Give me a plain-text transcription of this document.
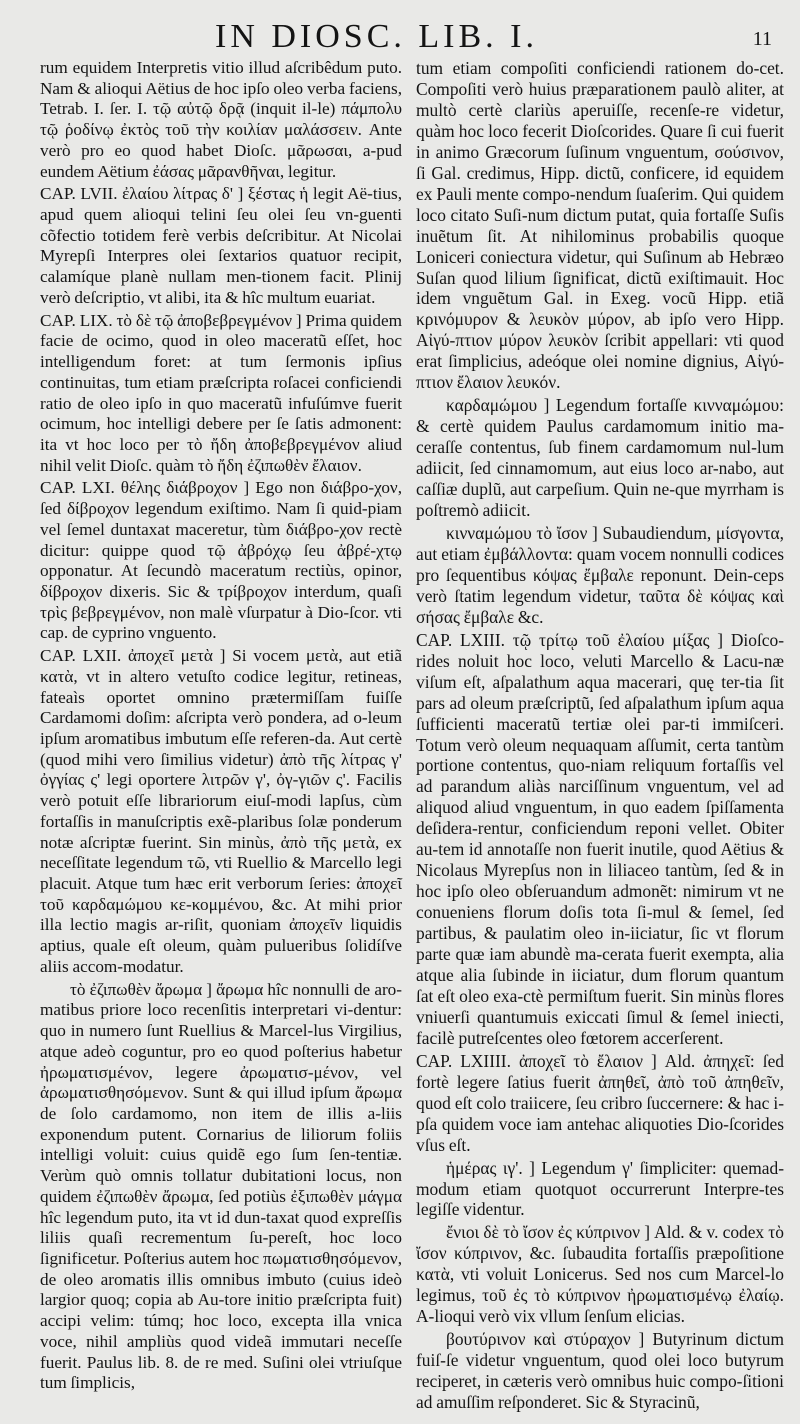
IN DIOSC. LIB. I.	11

rum equidem Interpretis vitio illud aſcribêdum puto. Nam & alioqui Aëtius de hoc ipſo oleo verba faciens, Tetrab. I. ſer. I. τῷ αὐτῷ δρᾷ (inquit il-le) πάμπολυ τῷ ῥοδίνῳ ἐκτὸς τοῦ τὴν κοιλίαν μαλάσσειν. Ante verò pro eo quod habet Dioſc. μᾶρωσαι, a-pud eundem Aëtium ἐάσας μᾶρανθῆναι, legitur.

CAP. LVII. ἐλαίου λίτρας δ' ] ξέστας ἡ legit Aë-tius, apud quem alioqui telini ſeu olei ſeu vn-guenti cõfectio totidem ferè verbis deſcribitur. At Nicolai Myrepſi Interpres olei ſextarios quatuor recipit, calamíque planè nullam men-tionem facit. Plinij verò deſcriptio, vt alibi, ita & hîc multum euariat.

CAP. LIX. τὸ δὲ τῷ ἀποβεβρεγμένον ] Prima quidem facie de ocimo, quod in oleo maceratũ eſſet, hoc intelligendum foret: at tum ſermonis ipſius continuitas, tum etiam præſcripta roſacei conficiendi ratio de oleo ipſo in quo maceratũ infuſúmve fuerit ocimum, hoc intelligi debere per ſe ſatis admonent: ita vt hoc loco per τὸ ἤδη ἀποβεβρεγμένον aliud nihil velit Dioſc. quàm τὸ ἤδη ἐζιπωθὲν ἔλαιον.

CAP. LXI. θέλης διάβροχον ] Ego non διάβρο-χον, ſed δίβροχον legendum exiſtimo. Nam ſi quid-piam vel ſemel duntaxat maceretur, tùm διάβρο-χον rectè dicitur: quippe quod τῷ ἀβρόχῳ ſeu ἀβρέ-χτῳ opponatur. At ſecundò maceratum rectiùs, opinor, δίβροχον dixeris. Sic & τρίβροχον interdum, quaſi τρὶς βεβρεγμένον, non malè vſurpatur à Dio-ſcor. vti cap. de cyprino vnguento.

CAP. LXII. ἀποχεῖ μετὰ ] Si vocem μετὰ, aut etiã κατὰ, vt in altero vetuſto codice legitur, retineas, fateaìs oportet omnino prætermiſſam fuiſſe Cardamomi doſim: aſcripta verò pondera, ad o-leum ipſum aromatibus imbutum eſſe referen-da. Aut certè (quod mihi vero ſimilius videtur) ἀπὸ τῆς λίτρας γ' ὀγγίας ς' legi oportere λιτρῶν γ', ὀγ-γιῶν ς'. Facilis verò potuit eſſe librariorum eiuſ-modi lapſus, cùm fortaſſis in manuſcriptis exẽ-plaribus ſolæ ponderum notæ aſcriptæ fuerint. Sin minùs, ἀπὸ τῆς μετὰ, ex neceſſitate legendum τῶ, vti Ruellio & Marcello legi placuit. Atque tum hæc erit verborum ſeries: ἀποχεῖ τοῦ καρδαμώμου κε-κομμένου, &c. At mihi prior illa lectio magis ar-riſit, quoniam ἀποχεῖν liquidis aptius, quale eſt oleum, quàm pulueribus ſolidíſve aliis accom-modatur.

τὸ ἐζιπωθὲν ἄρωμα ] ἄρωμα hîc nonnulli de aro-matibus priore loco recenſitis interpretari vi-dentur: quo in numero ſunt Ruellius & Marcel-lus Virgilius, atque adeò coguntur, pro eo quod poſterius habetur ἠρωματισμένον, legere ἀρωματισ-μένον, vel ἀρωματισθησόμενον. Sunt & qui illud ipſum ἄρωμα de ſolo cardamomo, non item de illis a-liis exponendum putent. Cornarius de liliorum foliis intelligi voluit: cuius quidẽ ego ſum ſen-tentiæ. Verùm quò omnis tollatur dubitationi locus, non quidem ἐζιπωθὲν ἄρωμα, ſed potiùs ἐξιπωθὲν μάγμα hîc legendum puto, ita vt id dun-taxat quod expreſſis liliis quaſi recrementum ſu-pereſt, hoc loco ſignificetur. Poſterius autem hoc πωματισθησόμενον, de oleo aromatis illis omnibus imbuto (cuius ideò largior quoq; copia ab Au-tore initio præſcripta fuit) accipi velim: túmq; hoc loco, excepta illa vnica voce, nihil ampliùs quod videã immutari neceſſe fuerit. Paulus lib. 8. de re med. Suſini olei vtriuſque tum ſimplicis,

tum etiam compoſiti conficiendi rationem do-cet. Compoſiti verò huius præparationem paulò aliter, at multò certè clariùs aperuiſſe, recenſe-re videtur, quàm hoc loco fecerit Dioſcorides. Quare ſi cui fuerit in animo Græcorum ſuſinum vnguentum, σούσινον, ſi Gal. credimus, Hipp. dictũ, conficere, id equidem ex Pauli mente compo-nendum ſuaſerim. Qui quidem loco citato Suſi-num dictum putat, quia fortaſſe Suſis inuẽtum ſit. At nihilominus probabilis quoque Loniceri coniectura videtur, qui Suſinum ab Hebræo Suſan quod lilium ſignificat, dictũ exiſtimauit. Hoc idem vnguẽtum Gal. in Exeg. vocũ Hipp. etiã κρινόμυρον & λευκὸν μύρον, ab ipſo vero Hipp. Αἰγύ-πτιον μύρον λευκὸν ſcribit appellari: vti quod erat ſimplicius, adeóque olei nomine dignius, Αἰγύ-πτιον ἔλαιον λευκόν.

καρδαμώμου ] Legendum fortaſſe κινναμώμου: & certè quidem Paulus cardamomum initio ma-ceraſſe contentus, ſub finem cardamomum nul-lum adiicit, ſed cinnamomum, aut eius loco ar-nabo, aut caſſiæ duplũ, aut carpeſium. Quin ne-que myrrham is poſtremò adiicit.

κινναμώμου τὸ ἴσον ] Subaudiendum, μίσγοντα, aut etiam ἐμβάλλοντα: quam vocem nonnulli codices pro ſequentibus κόψας ἔμβαλε reponunt. Dein-ceps verò ſtatim legendum videtur, ταῦτα δὲ κόψας καὶ σήσας ἔμβαλε &c.

CAP. LXIII. τῷ τρίτῳ τοῦ ἐλαίου μίξας ] Dioſco-rides noluit hoc loco, veluti Marcello & Lacu-næ viſum eſt, aſpalathum aqua macerari, quę ter-tia ſit pars ad oleum præſcriptũ, ſed aſpalathum ipſum aqua ſufficienti maceratũ tertiæ olei par-ti immiſceri. Totum verò oleum nequaquam aſſumit, certa tantùm portione contentus, quo-niam reliquum fortaſſis vel ad parandum aliàs narciſſinum vnguentum, vel ad aliquod aliud vnguentum, in quo eadem ſpiſſamenta deſidera-rentur, conficiendum reponi vellet. Obiter au-tem id annotaſſe non fuerit inutile, quod Aëtius & Nicolaus Myrepſus non in liliaceo tantùm, ſed & in hoc ipſo oleo obſeruandum admonẽt: nimirum vt ne conueniens florum doſis tota ſi-mul & ſemel, ſed partibus, & paulatim oleo in-iiciatur, ſic vt florum parte quæ iam abundè ma-cerata fuerit exempta, alia atque alia ſubinde in iiciatur, dum florum quantum ſat eſt oleo exa-ctè permiſtum fuerit. Sin minùs flores vniuerſi quantumuis exiccati ſimul & ſemel iniecti, facilè putreſcentes oleo fœtorem accerſerent.

CAP. LXIIII. ἀποχεῖ τὸ ἔλαιον ] Ald. ἀπηχεῖ: ſed fortè legere ſatius fuerit ἀπηθεῖ, ἀπὸ τοῦ ἀπηθεῖν, quod eſt colo traiicere, ſeu cribro ſuccernere: & hac i-pſa quidem voce iam antehac aliquoties Dio-ſcorides vſus eſt.

ἡμέρας ιγ'. ] Legendum γ' ſimpliciter: quemad-modum etiam quotquot occurrerunt Interpre-tes legiſſe videntur.

ἔνιοι δὲ τὸ ἴσον ἐς κύπρινον ] Ald. & v. codex τὸ ἴσον κύπρινον, &c. ſubaudita fortaſſis præpoſitione κατὰ, vti voluit Lonicerus. Sed nos cum Marcel-lo legimus, τοῦ ἐς τὸ κύπρινον ἠρωματισμένῳ ἐλαίῳ. A-lioqui verò vix vllum ſenſum elicias.

βουτύρινον καὶ στύραχον ] Butyrinum dictum fuiſ-ſe videtur vnguentum, quod olei loco butyrum reciperet, in cæteris verò omnibus huic compo-ſitioni ad amuſſim reſponderet. Sic & Styracinũ,
